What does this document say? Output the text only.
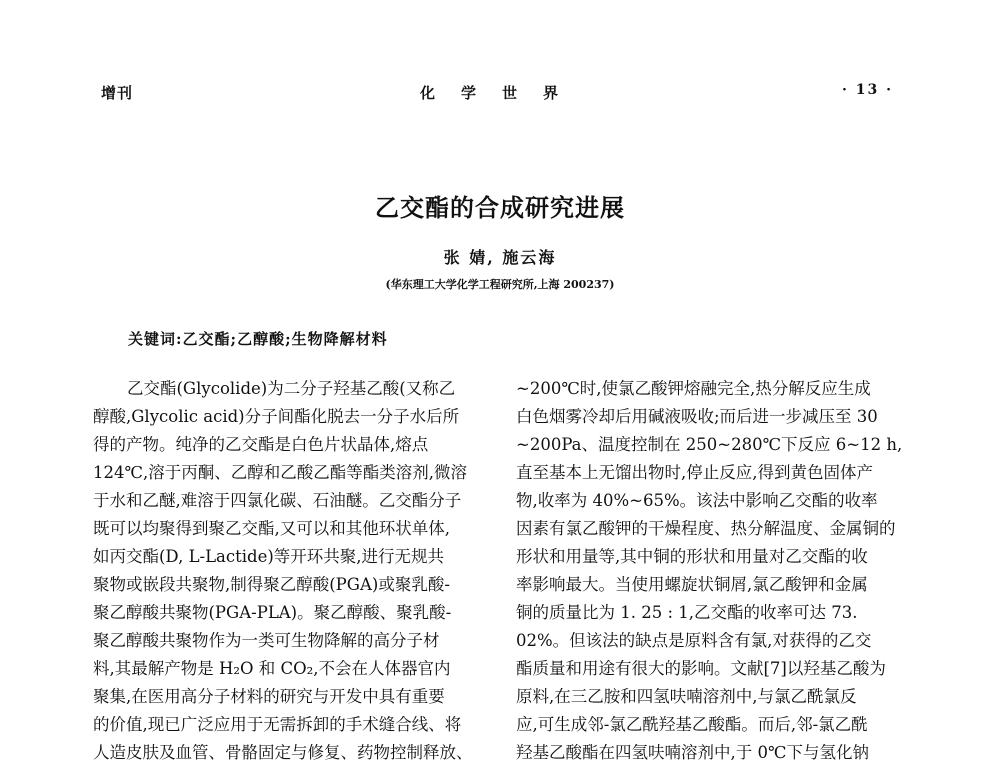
增刊	化学世界	· 13 ·
乙交酯的合成研究进展
张 婧, 施云海
(华东理工大学化学工程研究所,上海 200237)
关键词:乙交酯;乙醇酸;生物降解材料
乙交酯(Glycolide)为二分子羟基乙酸(又称乙
醇酸,Glycolic acid)分子间酯化脱去一分子水后所
得的产物。纯净的乙交酯是白色片状晶体,熔点
124℃,溶于丙酮、乙醇和乙酸乙酯等酯类溶剂,微溶
于水和乙醚,难溶于四氯化碳、石油醚。乙交酯分子
既可以均聚得到聚乙交酯,又可以和其他环状单体,
如丙交酯(D, L-Lactide)等开环共聚,进行无规共
聚物或嵌段共聚物,制得聚乙醇酸(PGA)或聚乳酸-
聚乙醇酸共聚物(PGA-PLA)。聚乙醇酸、聚乳酸-
聚乙醇酸共聚物作为一类可生物降解的高分子材
料,其最解产物是 H₂O 和 CO₂,不会在人体器官内
聚集,在医用高分子材料的研究与开发中具有重要
的价值,现已广泛应用于无需拆卸的手术缝合线、将
人造皮肤及血管、骨骼固定与修复、药物控制释放、
~200℃时,使氯乙酸钾熔融完全,热分解反应生成
白色烟雾冷却后用碱液吸收;而后进一步减压至 30
~200Pa、温度控制在 250~280℃下反应 6~12 h,
直至基本上无馏出物时,停止反应,得到黄色固体产
物,收率为 40%~65%。该法中影响乙交酯的收率
因素有氯乙酸钾的干燥程度、热分解温度、金属铜的
形状和用量等,其中铜的形状和用量对乙交酯的收
率影响最大。当使用螺旋状铜屑,氯乙酸钾和金属
铜的质量比为 1. 25 : 1,乙交酯的收率可达 73.
02%。但该法的缺点是原料含有氯,对获得的乙交
酯质量和用途有很大的影响。文献[7]以羟基乙酸为
原料,在三乙胺和四氢呋喃溶剂中,与氯乙酰氯反
应,可生成邻-氯乙酰羟基乙酸酯。而后,邻-氯乙酰
羟基乙酸酯在四氢呋喃溶剂中,于 0℃下与氢化钠
